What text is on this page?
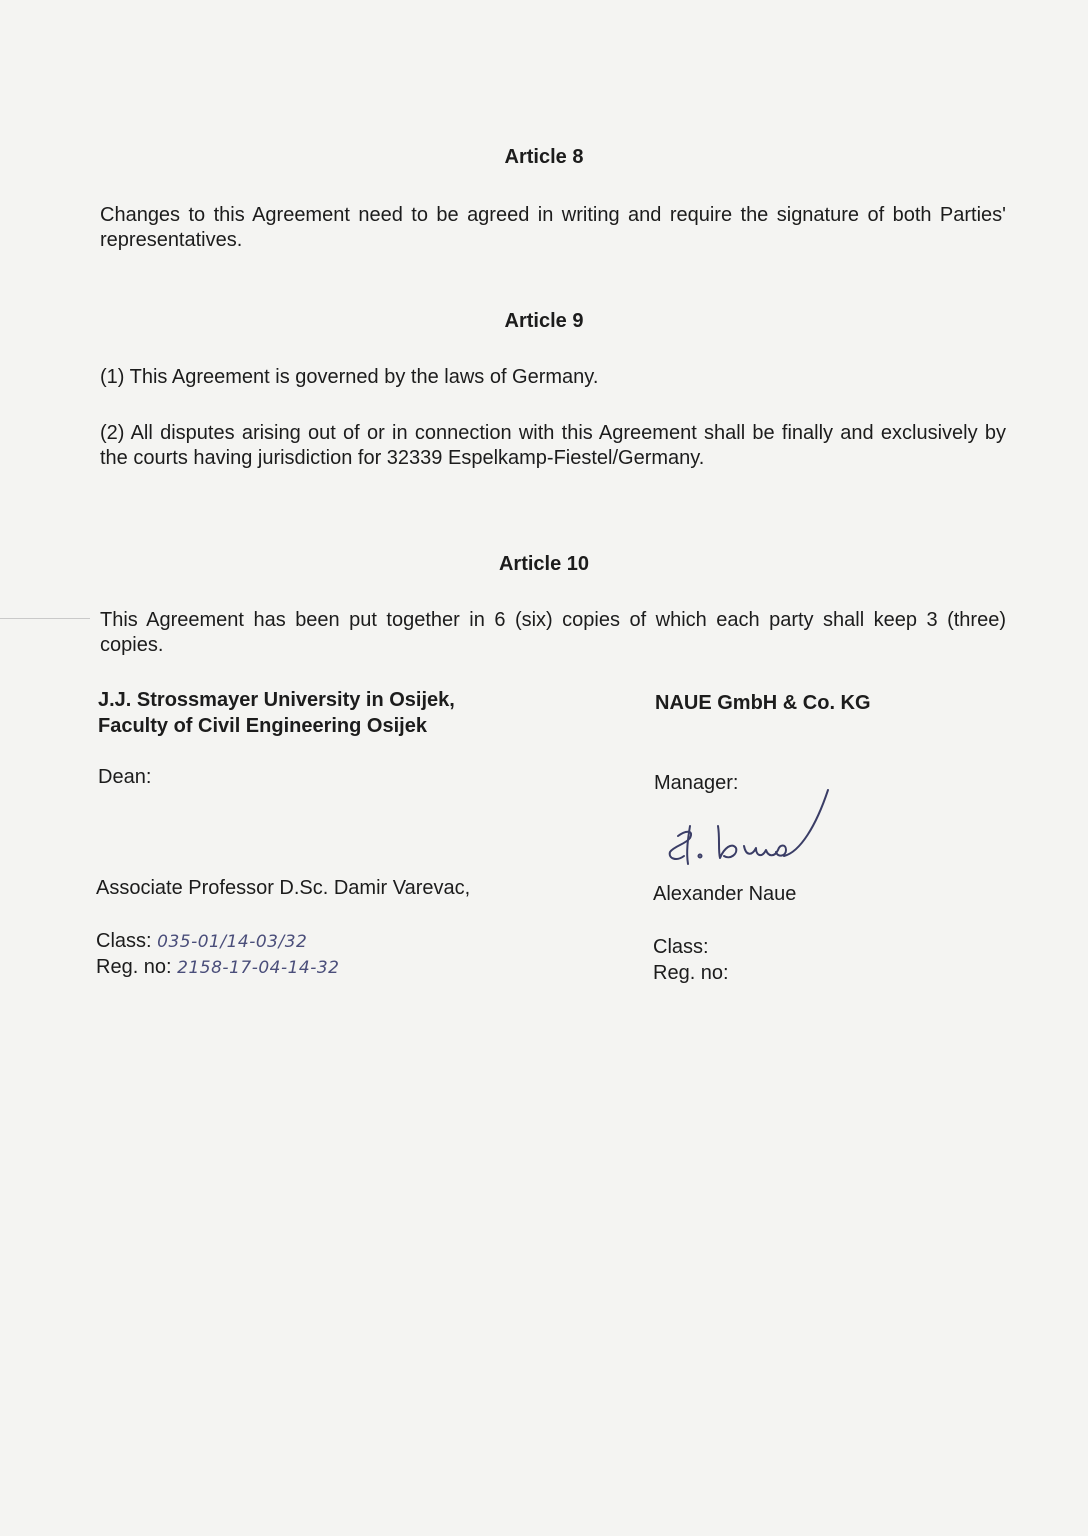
Article 8

Changes to this Agreement need to be agreed in writing and require the signature of both Parties' representatives.

Article 9

(1) This Agreement is governed by the laws of Germany.

(2) All disputes arising out of or in connection with this Agreement shall be finally and exclusively by the courts having jurisdiction for 32339 Espelkamp-Fiestel/Germany.

Article 10

This Agreement has been put together in 6 (six) copies of which each party shall keep 3 (three) copies.

J.J. Strossmayer University in Osijek,
Faculty of Civil Engineering Osijek
Dean:
Associate Professor D.Sc. Damir Varevac,
Class: 035-01/14-03/32
Reg. no: 2158-17-04-14-32
NAUE GmbH & Co. KG
Manager:
Alexander Naue
Class:
Reg. no:
